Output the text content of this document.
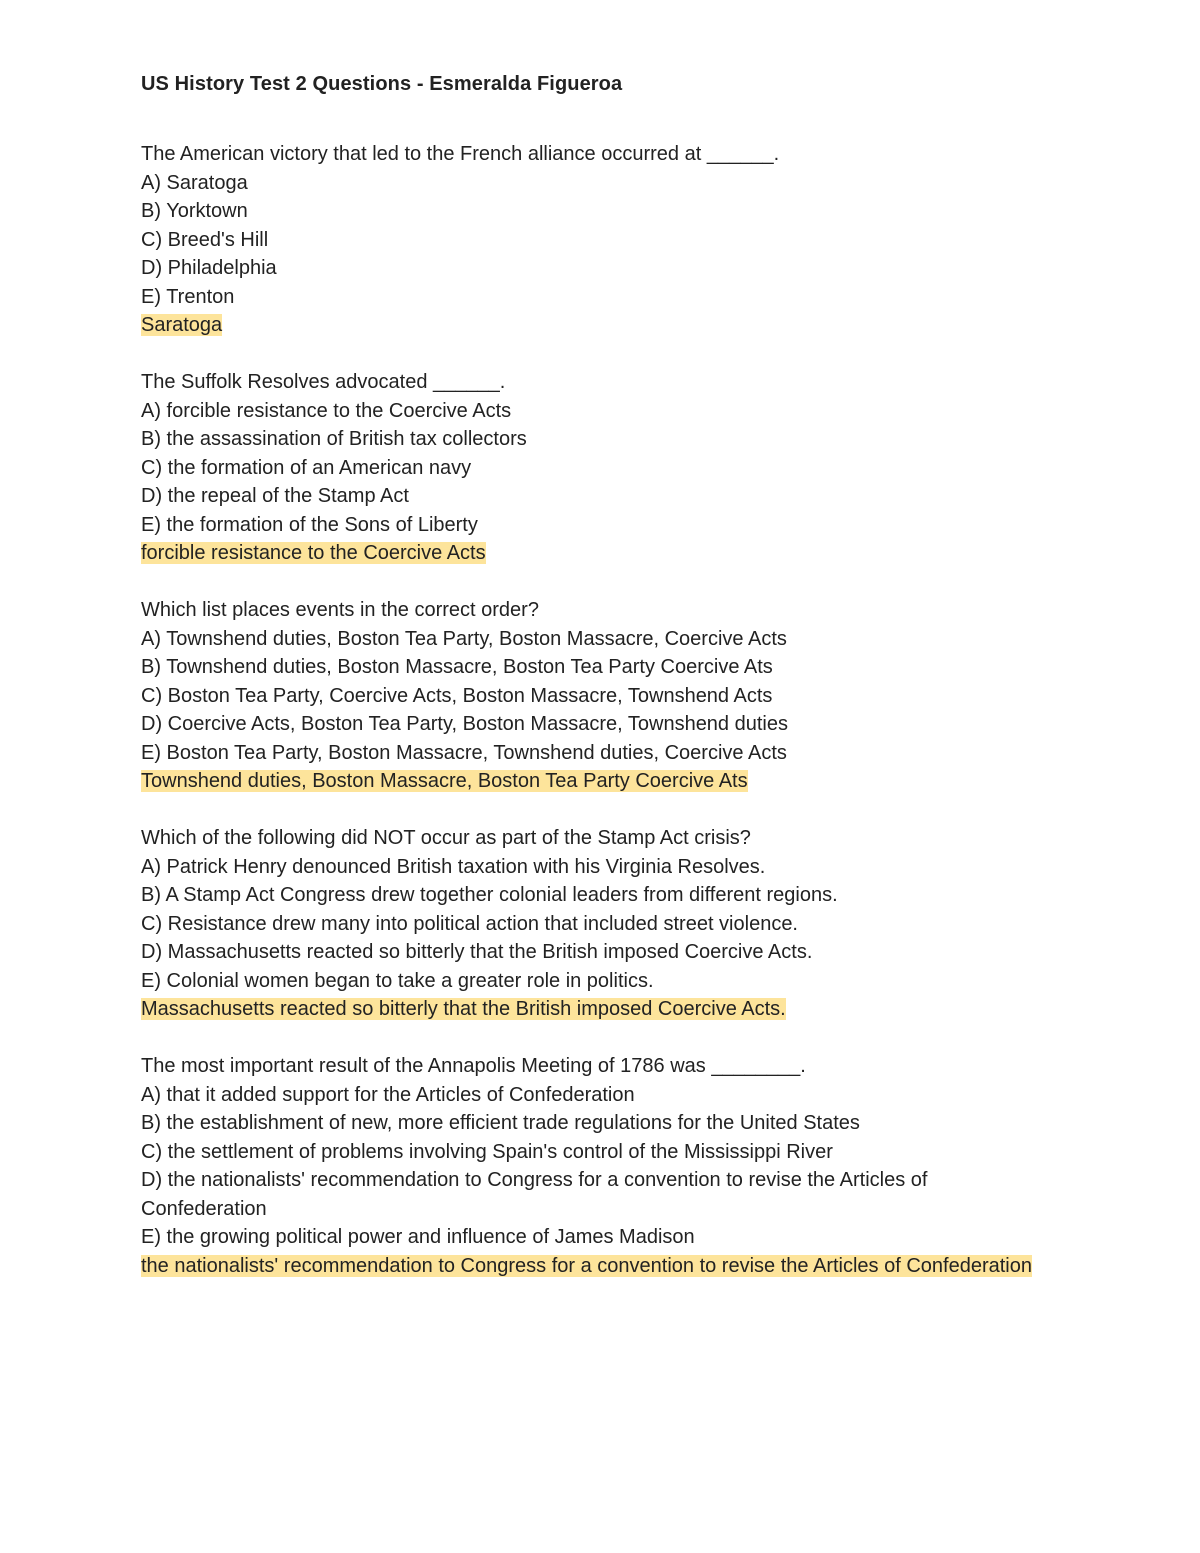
US History Test 2 Questions - Esmeralda Figueroa
The American victory that led to the French alliance occurred at ______.
A) Saratoga
B) Yorktown
C) Breed's Hill
D) Philadelphia
E) Trenton
Saratoga
The Suffolk Resolves advocated ______.
A) forcible resistance to the Coercive Acts
B) the assassination of British tax collectors
C) the formation of an American navy
D) the repeal of the Stamp Act
E) the formation of the Sons of Liberty
forcible resistance to the Coercive Acts
Which list places events in the correct order?
A) Townshend duties, Boston Tea Party, Boston Massacre, Coercive Acts
B) Townshend duties, Boston Massacre, Boston Tea Party Coercive Ats
C) Boston Tea Party, Coercive Acts, Boston Massacre, Townshend Acts
D) Coercive Acts, Boston Tea Party, Boston Massacre, Townshend duties
E) Boston Tea Party, Boston Massacre, Townshend duties, Coercive Acts
Townshend duties, Boston Massacre, Boston Tea Party Coercive Ats
Which of the following did NOT occur as part of the Stamp Act crisis?
A) Patrick Henry denounced British taxation with his Virginia Resolves.
B) A Stamp Act Congress drew together colonial leaders from different regions.
C) Resistance drew many into political action that included street violence.
D) Massachusetts reacted so bitterly that the British imposed Coercive Acts.
E) Colonial women began to take a greater role in politics.
Massachusetts reacted so bitterly that the British imposed Coercive Acts.
The most important result of the Annapolis Meeting of 1786 was ________.
A) that it added support for the Articles of Confederation
B) the establishment of new, more efficient trade regulations for the United States
C) the settlement of problems involving Spain's control of the Mississippi River
D) the nationalists' recommendation to Congress for a convention to revise the Articles of Confederation
E) the growing political power and influence of James Madison
the nationalists' recommendation to Congress for a convention to revise the Articles of Confederation
